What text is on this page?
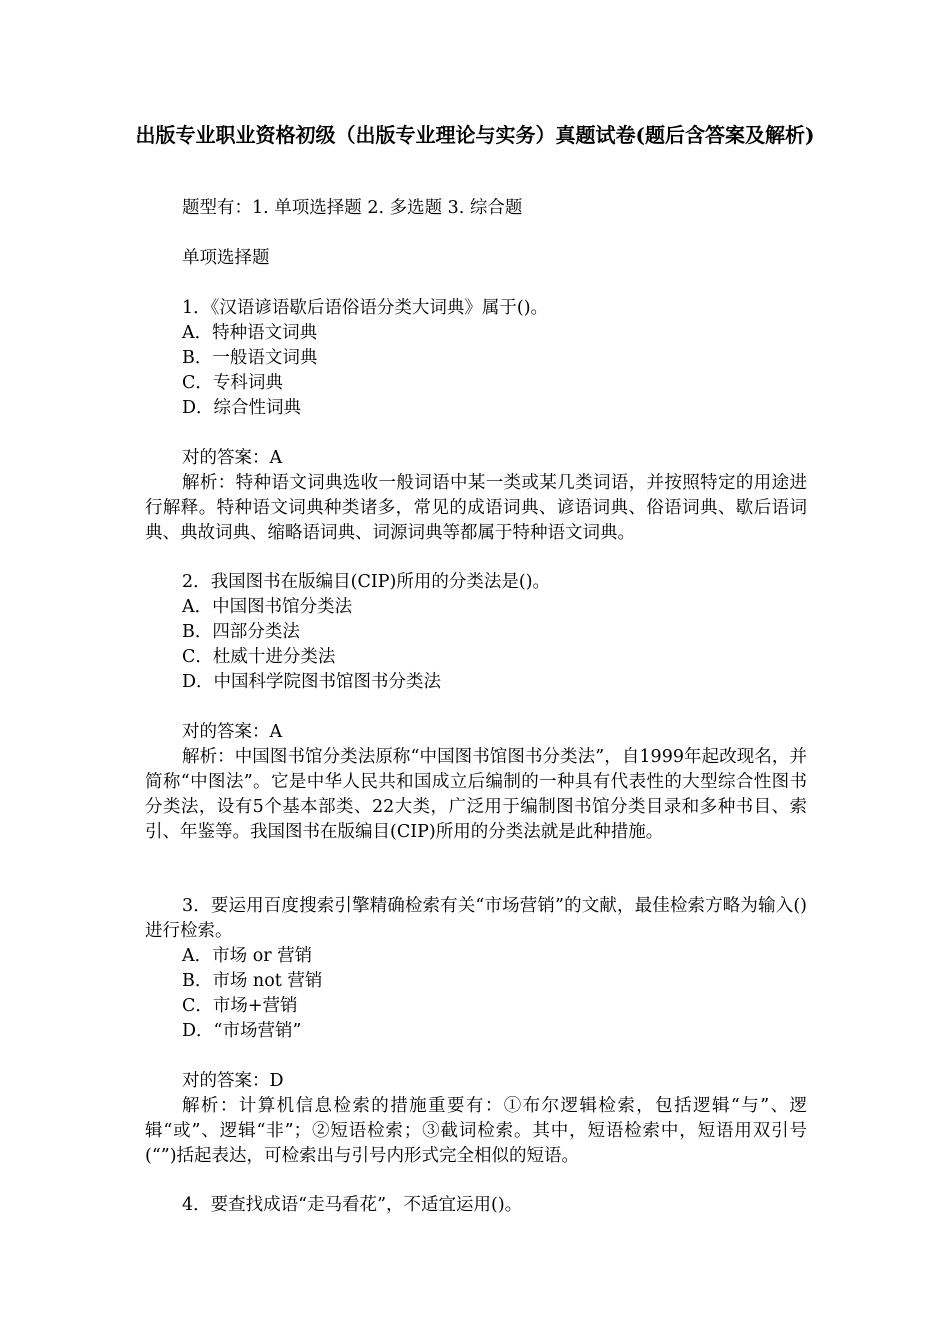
出版专业职业资格初级（出版专业理论与实务）真题试卷(题后含答案及解析)
题型有：1. 单项选择题 2. 多选题 3. 综合题
单项选择题
1．《汉语谚语歇后语俗语分类大词典》属于()。
A．特种语文词典
B．一般语文词典
C．专科词典
D．综合性词典
对的答案：A
解析：特种语文词典选收一般词语中某一类或某几类词语，并按照特定的用途进行解释。特种语文词典种类诸多，常见的成语词典、谚语词典、俗语词典、歇后语词典、典故词典、缩略语词典、词源词典等都属于特种语文词典。
2．我国图书在版编目(CIP)所用的分类法是()。
A．中国图书馆分类法
B．四部分类法
C．杜威十进分类法
D．中国科学院图书馆图书分类法
对的答案：A
解析：中国图书馆分类法原称“中国图书馆图书分类法”，自1999年起改现名，并简称“中图法”。它是中华人民共和国成立后编制的一种具有代表性的大型综合性图书分类法，设有5个基本部类、22大类，广泛用于编制图书馆分类目录和多种书目、索引、年鉴等。我国图书在版编目(CIP)所用的分类法就是此种措施。
3．要运用百度搜索引擎精确检索有关“市场营销”的文献，最佳检索方略为输入()进行检索。
A．市场 or 营销
B．市场 not 营销
C．市场+营销
D．“市场营销”
对的答案：D
解析：计算机信息检索的措施重要有：①布尔逻辑检索，包括逻辑“与”、逻辑“或”、逻辑“非”；②短语检索；③截词检索。其中，短语检索中，短语用双引号(“”)括起表达，可检索出与引号内形式完全相似的短语。
4．要查找成语“走马看花”，不适宜运用()。
